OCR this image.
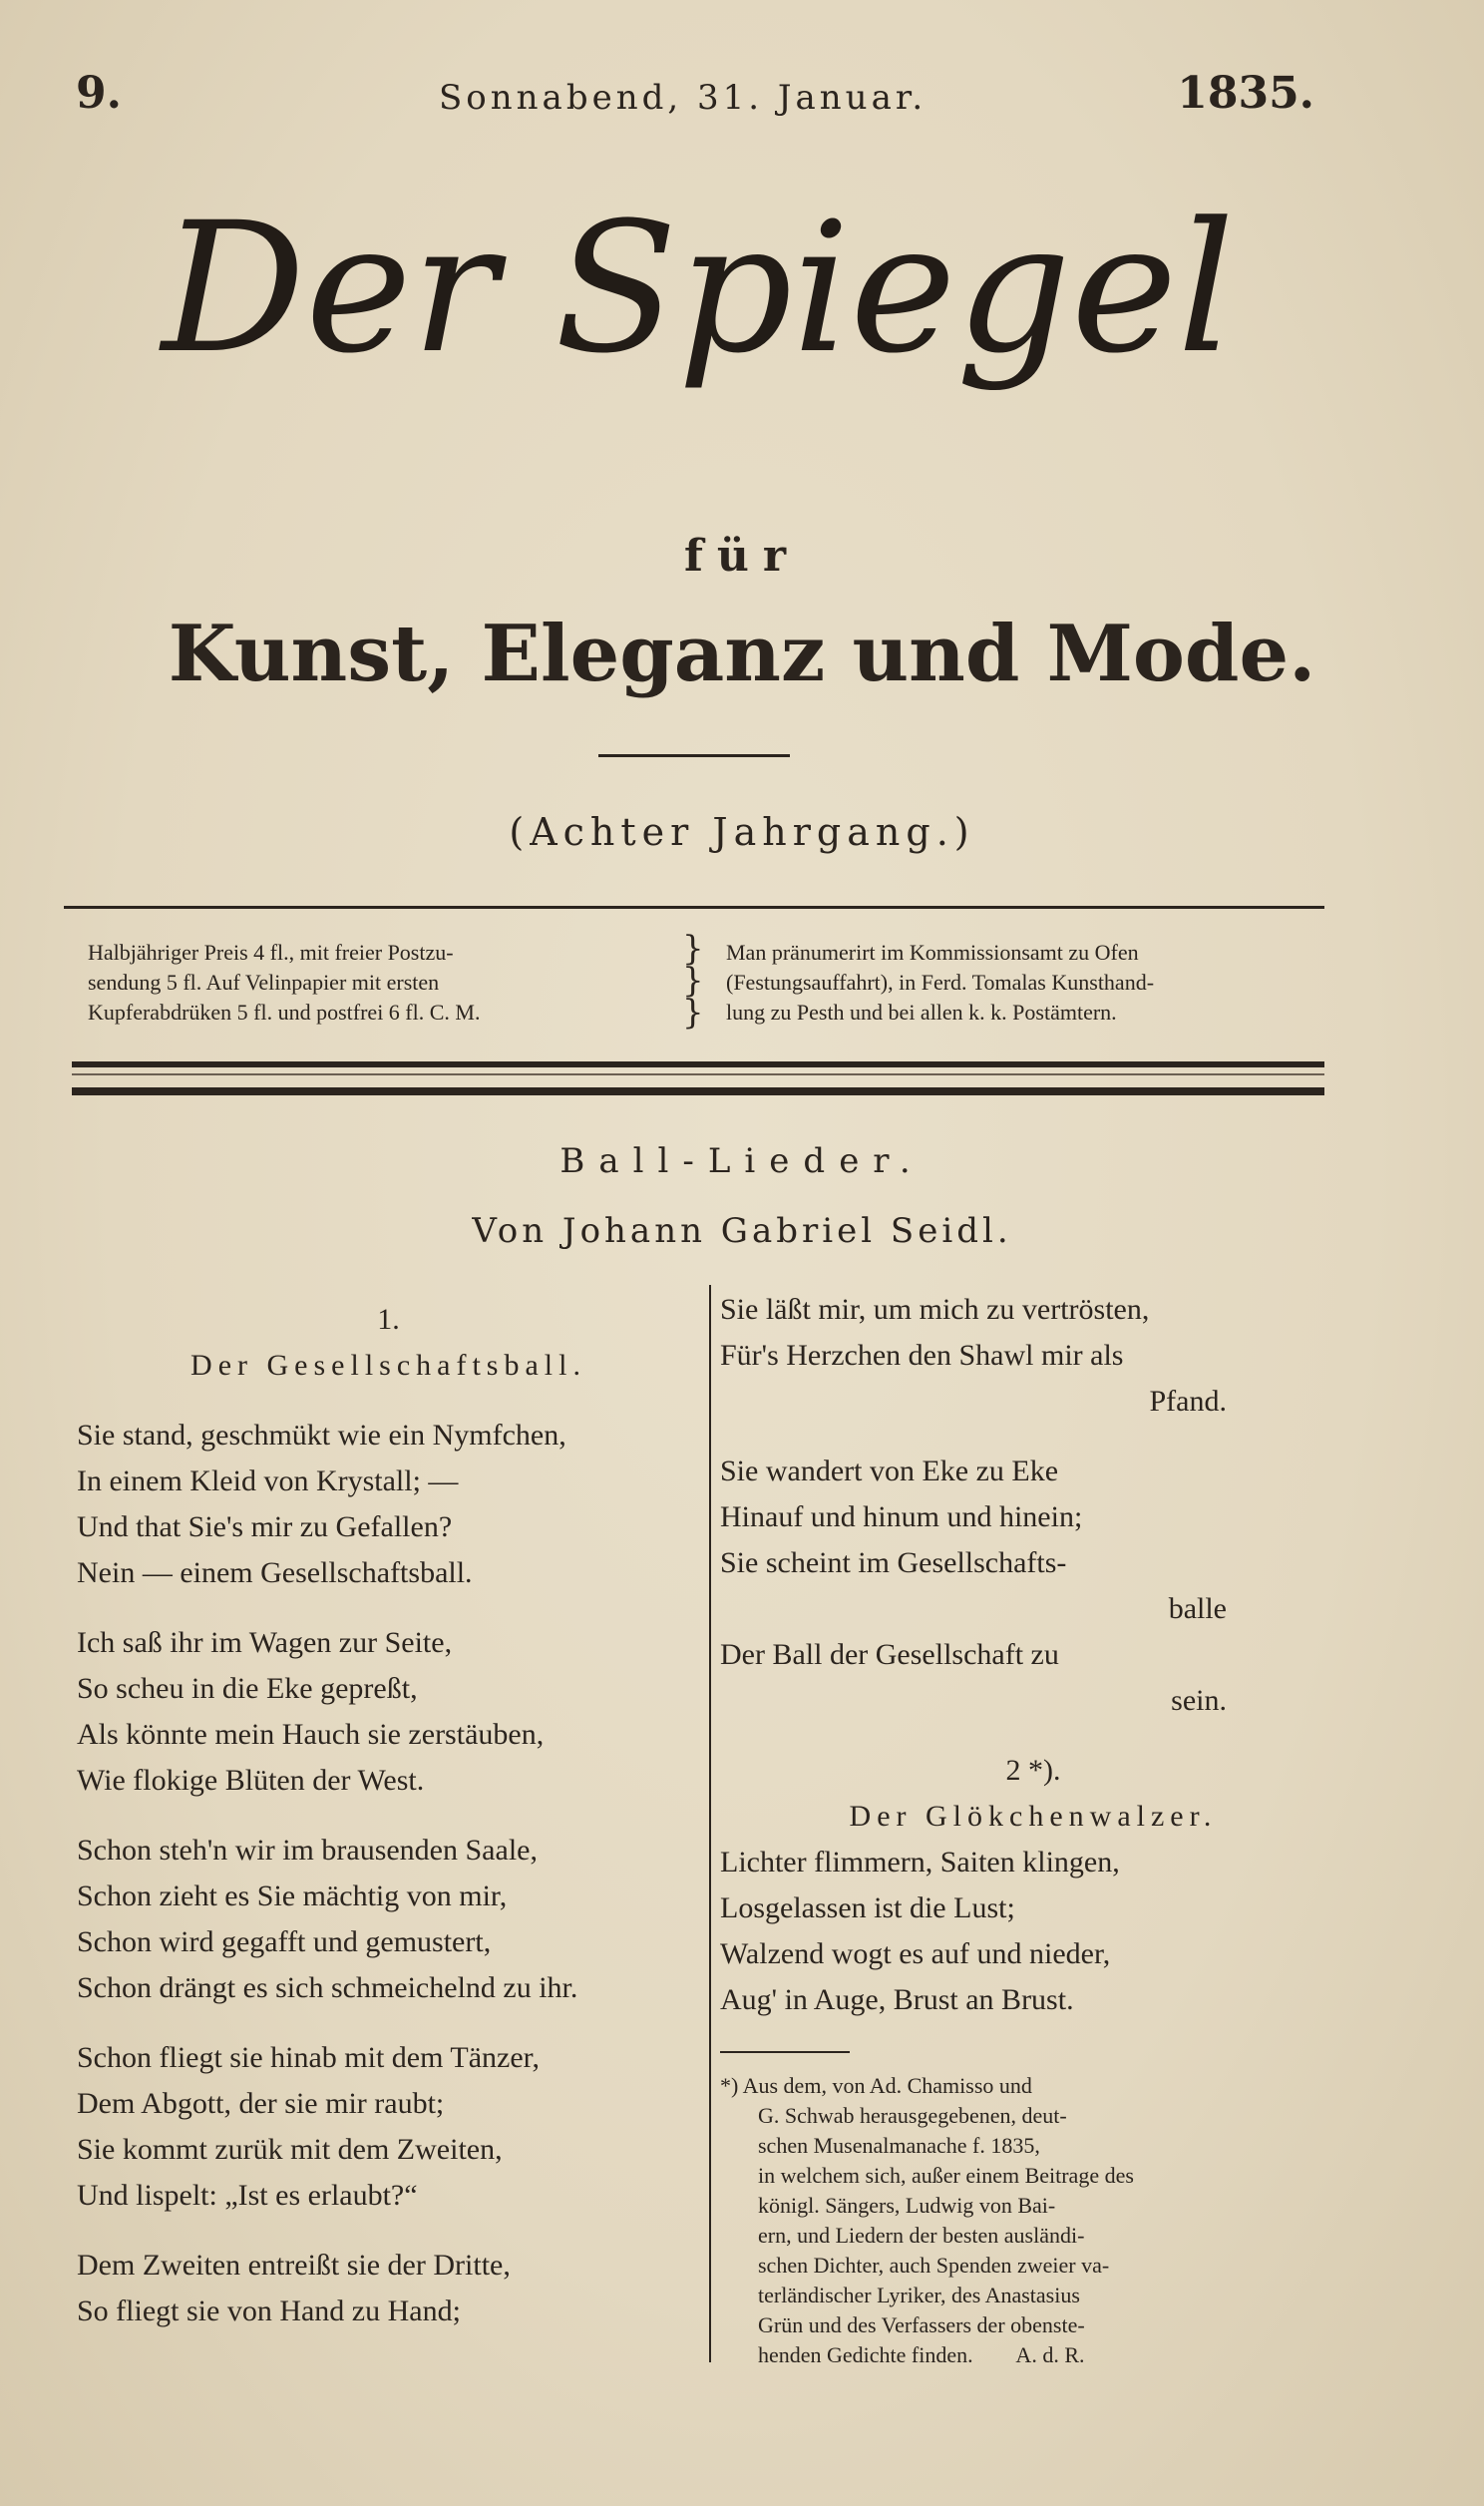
9.	Sonnabend, 31. Januar.	1835.
Der Spiegel
für
Kunst, Eleganz und Mode.
(Achter Jahrgang.)
Halbjähriger Preis 4 fl., mit freier Postzu-
sendung 5 fl. Auf Velinpapier mit ersten
Kupferabdrüken 5 fl. und postfrei 6 fl. C. M.
}
}
}
Man pränumerirt im Kommissionsamt zu Ofen
(Festungsauffahrt), in Ferd. Tomalas Kunsthand-
lung zu Pesth und bei allen k. k. Postämtern.
Ball-Lieder.
Von Johann Gabriel Seidl.
1.
Der Gesellschaftsball.
Sie stand, geschmükt wie ein Nymfchen,
In einem Kleid von Krystall; —
Und that Sie's mir zu Gefallen?
Nein — einem Gesellschaftsball.
Ich saß ihr im Wagen zur Seite,
So scheu in die Eke gepreßt,
Als könnte mein Hauch sie zerstäuben,
Wie flokige Blüten der West.
Schon steh'n wir im brausenden Saale,
Schon zieht es Sie mächtig von mir,
Schon wird gegafft und gemustert,
Schon drängt es sich schmeichelnd zu ihr.
Schon fliegt sie hinab mit dem Tänzer,
Dem Abgott, der sie mir raubt;
Sie kommt zurük mit dem Zweiten,
Und lispelt: „Ist es erlaubt?“
Dem Zweiten entreißt sie der Dritte,
So fliegt sie von Hand zu Hand;
Sie läßt mir, um mich zu vertrösten,
Für's Herzchen den Shawl mir als
Pfand.
Sie wandert von Eke zu Eke
Hinauf und hinum und hinein;
Sie scheint im Gesellschafts-
balle
Der Ball der Gesellschaft zu
sein.
2 *).
Der Glökchenwalzer.
Lichter flimmern, Saiten klingen,
Losgelassen ist die Lust;
Walzend wogt es auf und nieder,
Aug' in Auge, Brust an Brust.
*) Aus dem, von Ad. Chamisso und
G. Schwab herausgegebenen, deut-
schen Musenalmanache f. 1835,
in welchem sich, außer einem Beitrage des
königl. Sängers, Ludwig von Bai-
ern, und Liedern der besten ausländi-
schen Dichter, auch Spenden zweier va-
terländischer Lyriker, des Anastasius
Grün und des Verfassers der obenste-
henden Gedichte finden.        A. d. R.
